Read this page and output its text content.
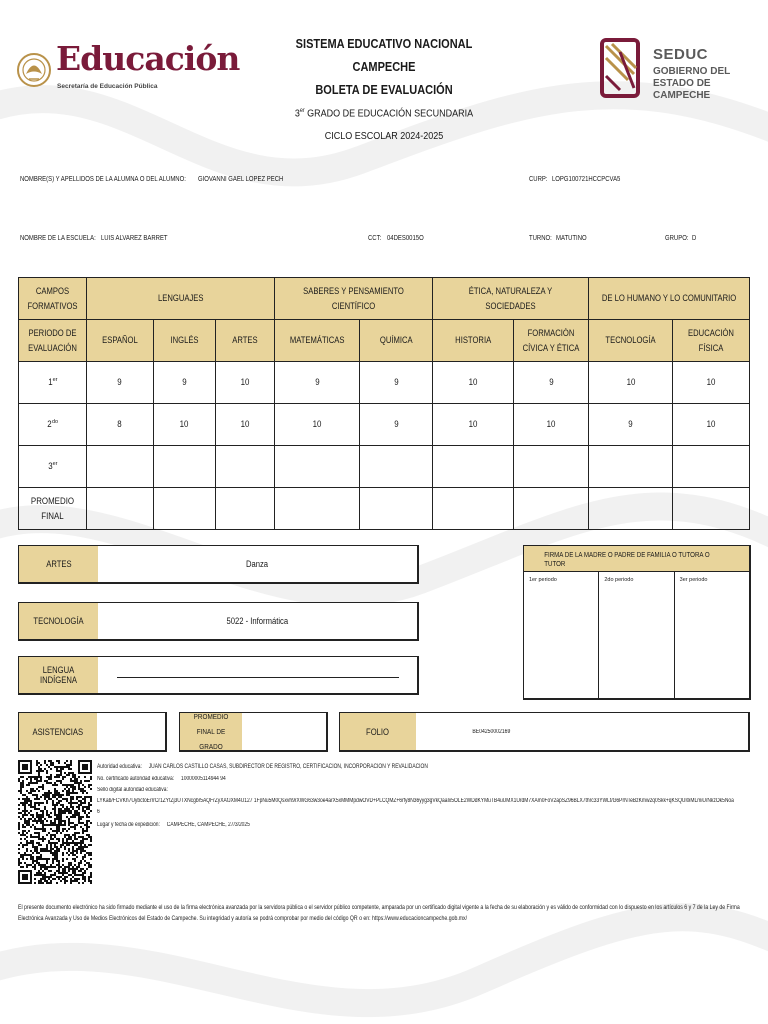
Educación
Secretaría de Educación Pública
SEDUC
GOBIERNO DEL ESTADO DE CAMPECHE
SISTEMA EDUCATIVO NACIONAL
CAMPECHE
BOLETA DE EVALUACIÓN
3er GRADO DE EDUCACIÓN SECUNDARIA
CICLO ESCOLAR 2024-2025
NOMBRE(S) Y APELLIDOS DE LA ALUMNA O DEL ALUMNO: GIOVANNI GAEL LOPEZ PECH	CURP: LOPG100721HCCPCVA5
NOMBRE DE LA ESCUELA: LUIS ALVAREZ BARRET	CCT: 04DES0015O	TURNO: MATUTINO	GRUPO: D
CAMPOS FORMATIVOS	LENGUAJES			SABERES Y PENSAMIENTO CIENTÍFICO		ÉTICA, NATURALEZA Y SOCIEDADES		DE LO HUMANO Y LO COMUNITARIO	
PERIODO DE EVALUACIÓN	ESPAÑOL	INGLÉS	ARTES	MATEMÁTICAS	QUÍMICA	HISTORIA	FORMACIÓN CÍVICA Y ÉTICA	TECNOLOGÍA	EDUCACIÓN FÍSICA
1er	9	9	10	9	9	10	9	10	10
$2^{do}$	8	10	10	10	9	10	10	9	10
3er									
PROMEDIO FINAL									
ARTES	Danza
TECNOLOGÍA	5022 - Informática
LENGUA INDÍGENA
FIRMA DE LA MADRE O PADRE DE FAMILIA O TUTORA O TUTOR
1er periodo	2do periodo	3er periodo
ASISTENCIAS
PROMEDIO FINAL DE GRADO
FOLIO	BE04250002169
Autoridad educativa: JUAN CARLOS CASTILLO CASAS, SUBDIRECTOR DE REGISTRO, CERTIFICACIÓN, INCORPORACIÓN Y REVALIDACIÓN
No. certificado autoridad educativa: 10000005114944 94
Sello digital autoridad educativa:
LYKab/FCVKh7UybctoErrrCr1ZYtZj3UTXNcgbr5AQFrZyXAfJXM4U127 1FpNu5M0Qsxvh9rXWG63w3oe4arX5xMMMpdwOVD+PLCQMZ+6rfy8N36yyg3gVkQaaIx5OLE2WDdKYMuTB4uUMX1UrdM7XAm0FoV2apSZ96BLX7thrc33YWLt/G6PrNTeBzKmw2q0Skk+qKSQUl0iMLmiU/NkzOk5Noa
6
Lugar y fecha de expedición: CAMPECHE, CAMPECHE, 27/3/2025
El presente documento electrónico ha sido firmado mediante el uso de la firma electrónica avanzada por la servidora pública o el servidor público competente, amparada por un certificado digital vigente a la fecha de su elaboración y es válido de conformidad con lo dispuesto en los artículos 6 y 7 de la Ley de Firma Electrónica Avanzada y Uso de Medios Electrónicos del Estado de Campeche. Su integridad y autoría se podrá comprobar por medio del código QR o en: https://www.educacioncampeche.gob.mx/
